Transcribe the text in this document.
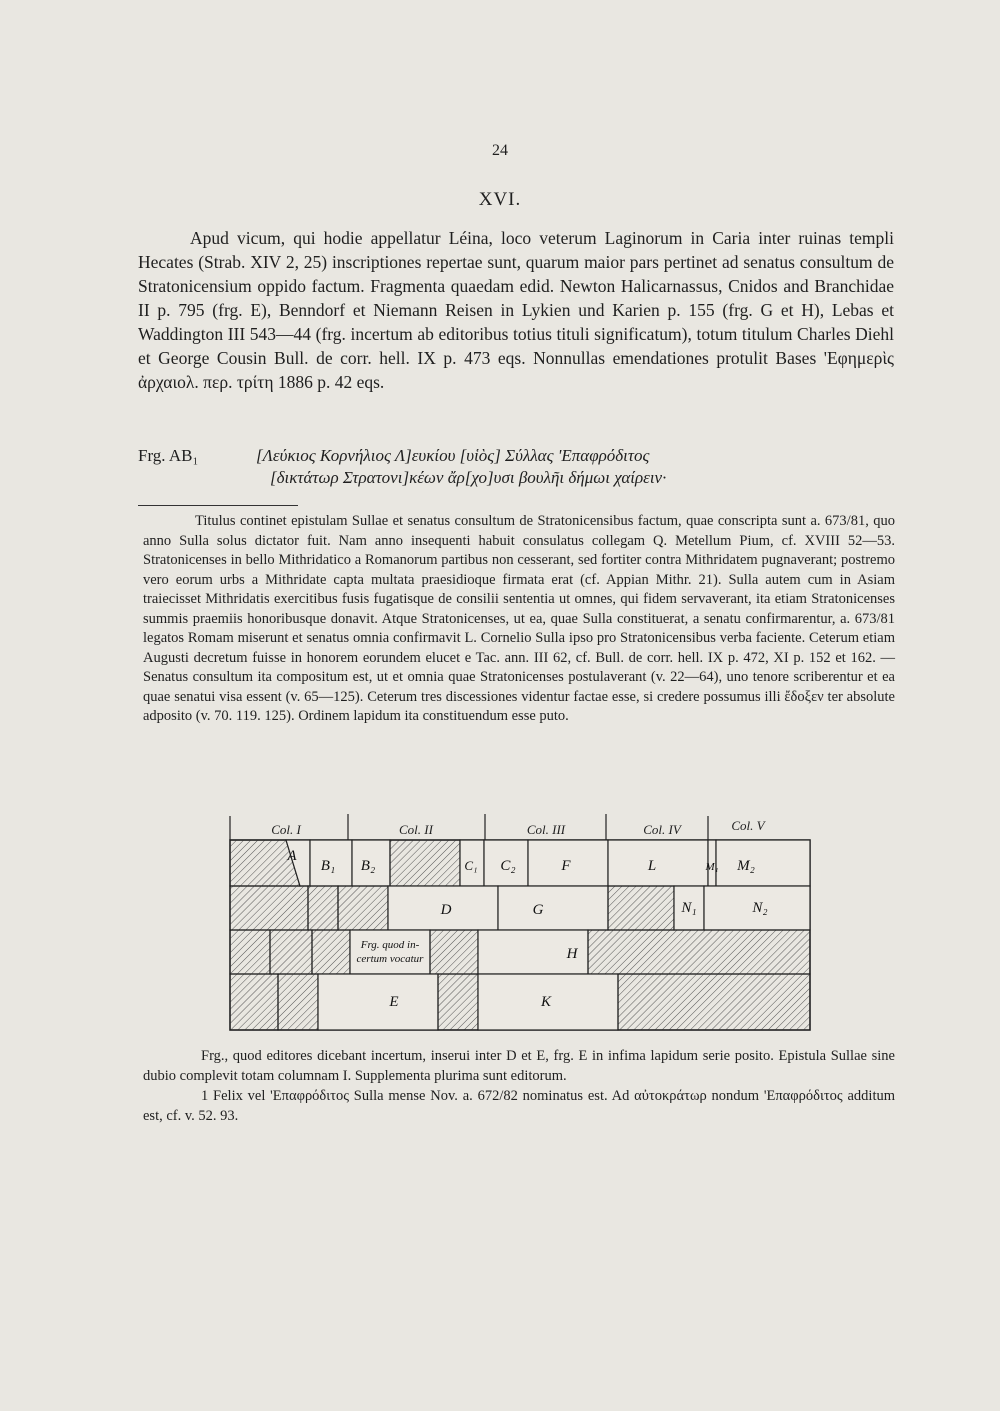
24
XVI.

Apud vicum, qui hodie appellatur Léina, loco veterum Laginorum in Caria inter ruinas templi Hecates (Strab. XIV 2, 25) inscriptiones repertae sunt, quarum maior pars pertinet ad senatus consultum de Stratonicensium oppido factum. Fragmenta quaedam edid. Newton Halicarnassus, Cnidos and Branchidae II p. 795 (frg. E), Benndorf et Niemann Reisen in Lykien und Karien p. 155 (frg. G et H), Lebas et Waddington III 543—44 (frg. incertum ab editoribus totius tituli significatum), totum titulum Charles Diehl et George Cousin Bull. de corr. hell. IX p. 473 eqs. Nonnullas emendationes protulit Bases 'Εφημερὶς ἀρχαιολ. περ. τρίτη 1886 p. 42 eqs.

Frg. AB₁	[Λεύκιος Κορνήλιος Λ]ευκίου [υἱὸς] Σύλλας 'Επαφρόδιτος
[δικτάτωρ Στρατονι]κέων ἄρ[χο]υσι βουλῆι δήμωι χαίρειν·

Titulus continet epistulam Sullae et senatus consultum de Stratonicensibus factum, quae conscripta sunt a. 673/81, quo anno Sulla solus dictator fuit. Nam anno insequenti habuit consulatus collegam Q. Metellum Pium, cf. XVIII 52—53. Stratonicenses in bello Mithridatico a Romanorum partibus non cesserant, sed fortiter contra Mithridatem pugnaverant; postremo vero eorum urbs a Mithridate capta multata praesidioque firmata erat (cf. Appian Mithr. 21). Sulla autem cum in Asiam traiecisset Mithridatis exercitibus fusis fugatisque de consilii sententia ut omnes, qui fidem servaverant, ita etiam Stratonicenses summis praemiis honoribusque donavit. Atque Stratonicenses, ut ea, quae Sulla constituerat, a senatu confirmarentur, a. 673/81 legatos Romam miserunt et senatus omnia confirmavit L. Cornelio Sulla ipso pro Stratonicensibus verba faciente. Ceterum etiam Augusti decretum fuisse in honorem eorundem elucet e Tac. ann. III 62, cf. Bull. de corr. hell. IX p. 472, XI p. 152 et 162. — Senatus consultum ita compositum est, ut et omnia quae Stratonicenses postulaverant (v. 22—64), uno tenore scriberentur et ea quae senatui visa essent (v. 65—125). Ceterum tres discessiones videntur factae esse, si credere possumus illi ἔδοξεν ter absolute adposito (v. 70. 119. 125). Ordinem lapidum ita constituendum esse puto.

Col. I	Col. II	Col. III	Col. IV	Col. V
A
B₁ B₂	C₁ C₂	F	L	M₁ M₂
D	G	N₁	N₂
H
E	K
Frg. quod in-
certum vocatur

Frg., quod editores dicebant incertum, inserui inter D et E, frg. E in infima lapidum serie posito. Epistula Sullae sine dubio complevit totam columnam I. Supplementa plurima sunt editorum.

1 Felix vel 'Επαφρόδιτος Sulla mense Nov. a. 672/82 nominatus est. Ad αὐτοκράτωρ nondum 'Επαφρόδιτος additum est, cf. v. 52. 93.
